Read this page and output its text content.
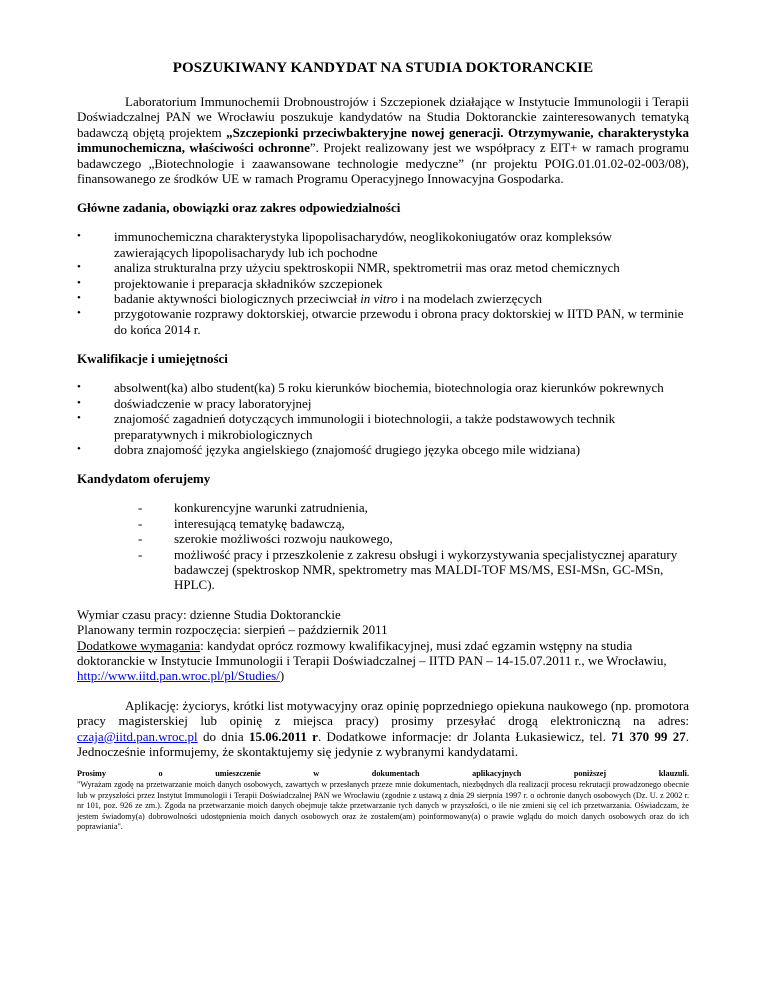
POSZUKIWANY KANDYDAT NA STUDIA DOKTORANCKIE

Laboratorium Immunochemii Drobnoustrojów i Szczepionek działające w Instytucie Immunologii i Terapii Doświadczalnej PAN we Wrocławiu poszukuje kandydatów na Studia Doktoranckie zainteresowanych tematyką badawczą objętą projektem „Szczepionki przeciwbakteryjne nowej generacji. Otrzymywanie, charakterystyka immunochemiczna, właściwości ochronne”. Projekt realizowany jest we współpracy z EIT+ w ramach programu badawczego „Biotechnologie i zaawansowane technologie medyczne” (nr projektu POIG.01.01.02-02-003/08), finansowanego ze środków UE w ramach Programu Operacyjnego Innowacyjna Gospodarka.

Główne zadania, obowiązki oraz zakres odpowiedzialności
• immunochemiczna charakterystyka lipopolisacharydów, neoglikokoniugatów oraz kompleksów zawierających lipopolisacharydy lub ich pochodne
• analiza strukturalna przy użyciu spektroskopii NMR, spektrometrii mas oraz metod chemicznych
• projektowanie i preparacja składników szczepionek
• badanie aktywności biologicznych przeciwciał in vitro i na modelach zwierzęcych
• przygotowanie rozprawy doktorskiej, otwarcie przewodu i obrona pracy doktorskiej w IITD PAN, w terminie do końca 2014 r.
Kwalifikacje i umiejętności
• absolwent(ka) albo student(ka) 5 roku kierunków biochemia, biotechnologia oraz kierunków pokrewnych
• doświadczenie w pracy laboratoryjnej
• znajomość zagadnień dotyczących immunologii i biotechnologii, a także podstawowych technik preparatywnych i mikrobiologicznych
• dobra znajomość języka angielskiego (znajomość drugiego języka obcego mile widziana)
Kandydatom oferujemy
- konkurencyjne warunki zatrudnienia,
- interesującą tematykę badawczą,
- szerokie możliwości rozwoju naukowego,
- możliwość pracy i przeszkolenie z zakresu obsługi i wykorzystywania specjalistycznej aparatury badawczej (spektroskop NMR, spektrometry mas MALDI-TOF MS/MS, ESI-MSn, GC-MSn, HPLC).
Wymiar czasu pracy: dzienne Studia Doktoranckie
Planowany termin rozpoczęcia: sierpień – październik 2011
Dodatkowe wymagania: kandydat oprócz rozmowy kwalifikacyjnej, musi zdać egzamin wstępny na studia doktoranckie w Instytucie Immunologii i Terapii Doświadczalnej – IITD PAN – 14-15.07.2011 r., we Wrocławiu, http://www.iitd.pan.wroc.pl/pl/Studies/)

Aplikację: życiorys, krótki list motywacyjny oraz opinię poprzedniego opiekuna naukowego (np. promotora pracy magisterskiej lub opinię z miejsca pracy) prosimy przesyłać drogą elektroniczną na adres: czaja@iitd.pan.wroc.pl do dnia 15.06.2011 r. Dodatkowe informacje: dr Jolanta Łukasiewicz, tel. 71 370 99 27. Jednocześnie informujemy, że skontaktujemy się jedynie z wybranymi kandydatami.

Prosimy o umieszczenie w dokumentach aplikacyjnych poniższej klauzuli.
"Wyrażam zgodę na przetwarzanie moich danych osobowych, zawartych w przesłanych przeze mnie dokumentach, niezbędnych dla realizacji procesu rekrutacji prowadzonego obecnie lub w przyszłości przez Instytut Immunologii i Terapii Doświadczalnej PAN we Wrocławiu (zgodnie z ustawą z dnia 29 sierpnia 1997 r. o ochronie danych osobowych (Dz. U. z 2002 r. nr 101, poz. 926 ze zm.). Zgoda na przetwarzanie moich danych obejmuje także przetwarzanie tych danych w przyszłości, o ile nie zmieni się cel ich przetwarzania. Oświadczam, że jestem świadomy(a) dobrowolności udostępnienia moich danych osobowych oraz że zostałem(am) poinformowany(a) o prawie wglądu do moich danych osobowych oraz do ich poprawiania".
